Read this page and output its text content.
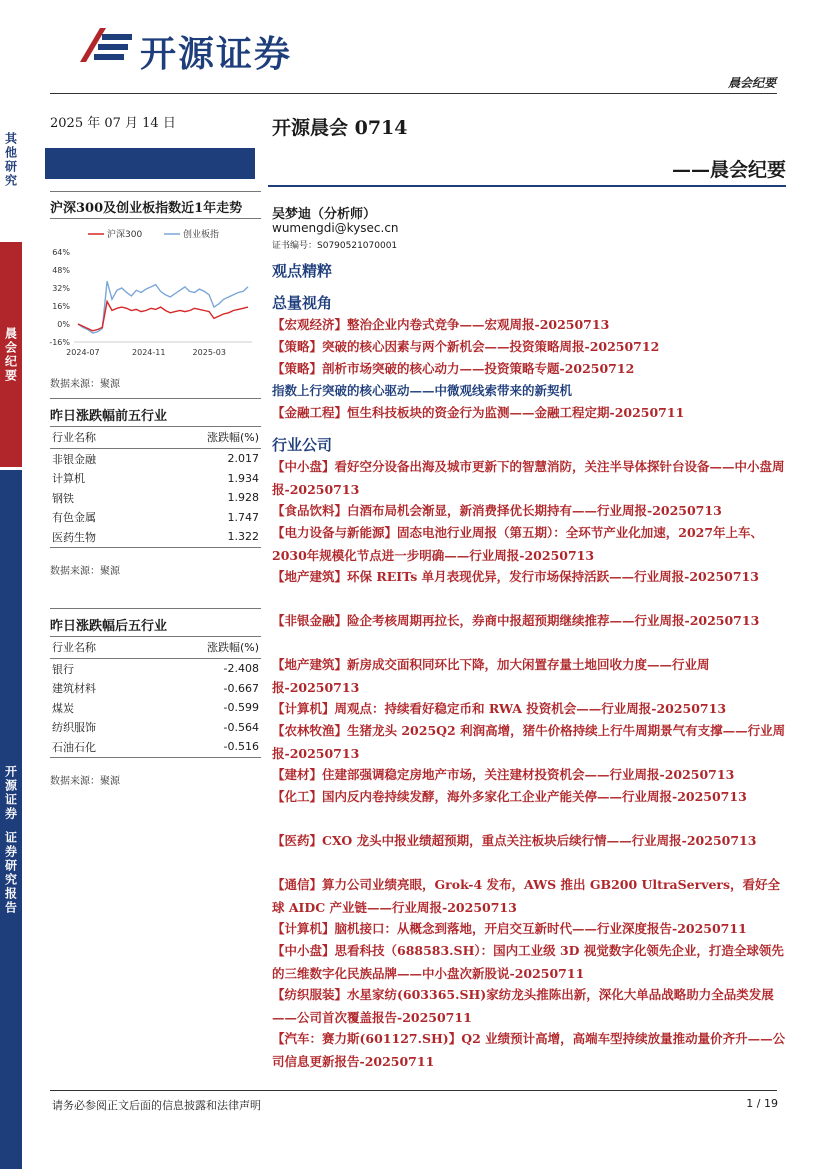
其他研究
晨会纪要
开源证券
证券研究报告
开源证券
晨会纪要
2025 年 07 月 14 日	开源晨会 0714
——晨会纪要
沪深300及创业板指数近1年走势
沪深300	创业板指
64%
48%
32%
16%
0%
-16%
2024-07	2024-11	2025-03
数据来源：聚源
昨日涨跌幅前五行业
行业名称	涨跌幅(%)
非银金融	2.017
计算机	1.934
钢铁	1.928
有色金属	1.747
医药生物	1.322
数据来源：聚源
昨日涨跌幅后五行业
行业名称	涨跌幅(%)
银行	-2.408
建筑材料	-0.667
煤炭	-0.599
纺织服饰	-0.564
石油石化	-0.516
数据来源：聚源
吴梦迪（分析师）
wumengdi@kysec.cn
证书编号：S0790521070001
观点精粹
总量视角
【宏观经济】整治企业内卷式竞争——宏观周报-20250713
【策略】突破的核心因素与两个新机会——投资策略周报-20250712
【策略】剖析市场突破的核心动力——投资策略专题-20250712
指数上行突破的核心驱动——中微观线索带来的新契机
【金融工程】恒生科技板块的资金行为监测——金融工程定期-20250711
行业公司
【中小盘】看好空分设备出海及城市更新下的智慧消防，关注半导体探针台设备——中小盘周报-20250713
【食品饮料】白酒布局机会渐显，新消费择优长期持有——行业周报-20250713
【电力设备与新能源】固态电池行业周报（第五期）：全环节产业化加速，2027年上车、2030年规模化节点进一步明确——行业周报-20250713
【地产建筑】环保 REITs 单月表现优异，发行市场保持活跃——行业周报-20250713
【非银金融】险企考核周期再拉长，券商中报超预期继续推荐——行业周报-20250713
【地产建筑】新房成交面积同环比下降，加大闲置存量土地回收力度——行业周报-20250713
【计算机】周观点：持续看好稳定币和 RWA 投资机会——行业周报-20250713
【农林牧渔】生猪龙头 2025Q2 利润高增，猪牛价格持续上行牛周期景气有支撑——行业周报-20250713
【建材】住建部强调稳定房地产市场，关注建材投资机会——行业周报-20250713
【化工】国内反内卷持续发酵，海外多家化工企业产能关停——行业周报-20250713
【医药】CXO 龙头中报业绩超预期，重点关注板块后续行情——行业周报-20250713
【通信】算力公司业绩亮眼，Grok-4 发布，AWS 推出 GB200 UltraServers，看好全球 AIDC 产业链——行业周报-20250713
【计算机】脑机接口：从概念到落地，开启交互新时代——行业深度报告-20250711
【中小盘】思看科技（688583.SH）：国内工业级 3D 视觉数字化领先企业，打造全球领先的三维数字化民族品牌——中小盘次新股说-20250711
【纺织服装】水星家纺(603365.SH)家纺龙头推陈出新，深化大单品战略助力全品类发展——公司首次覆盖报告-20250711
【汽车：赛力斯(601127.SH)】Q2 业绩预计高增，高端车型持续放量推动量价齐升——公司信息更新报告-20250711
请务必参阅正文后面的信息披露和法律声明	1 / 19
